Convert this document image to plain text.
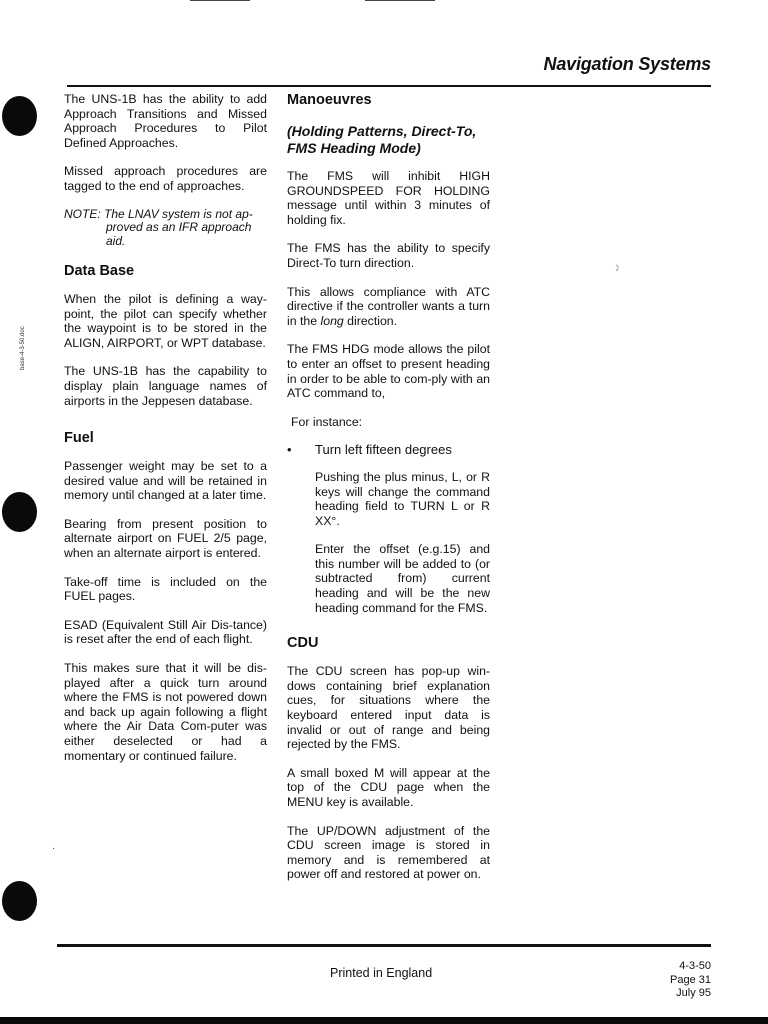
Navigation Systems
base-4-3-50.doc
·
♪

The UNS-1B has the ability to add Approach Transitions and Missed Approach Procedures to Pilot Defined Approaches.

Missed approach procedures are tagged to the end of approaches.

NOTE: The LNAV system is not ap-
proved as an IFR approach aid.
Data Base

When the pilot is defining a way-point, the pilot can specify whether the waypoint is to be stored in the ALIGN, AIRPORT, or WPT database.

The UNS-1B has the capability to display plain language names of airports in the Jeppesen database.

Fuel

Passenger weight may be set to a desired value and will be retained in memory until changed at a later time.

Bearing from present position to alternate airport on FUEL 2/5 page, when an alternate airport is entered.

Take-off time is included on the FUEL pages.

ESAD (Equivalent Still Air Dis-tance) is reset after the end of each flight.

This makes sure that it will be dis-played after a quick turn around where the FMS is not powered down and back up again following a flight where the Air Data Com-puter was either deselected or had a momentary or continued failure.

Manoeuvres
(Holding Patterns, Direct-To, FMS Heading Mode)

The FMS will inhibit HIGH GROUNDSPEED FOR HOLDING message until within 3 minutes of holding fix.

The FMS has the ability to specify Direct-To turn direction.

This allows compliance with ATC directive if the controller wants a turn in the long direction.

The FMS HDG mode allows the pilot to enter an offset to present heading in order to be able to com-ply with an ATC command to,

For instance:

•	Turn left fifteen degrees

Pushing the plus minus, L, or R keys will change the command heading field to TURN L or R XX°.

Enter the offset (e.g.15) and this number will be added to (or subtracted from) current heading and will be the new heading command for the FMS.

CDU

The CDU screen has pop-up win-dows containing brief explanation cues, for situations where the keyboard entered input data is invalid or out of range and being rejected by the FMS.

A small boxed M will appear at the top of the CDU page when the MENU key is available.

The UP/DOWN adjustment of the CDU screen image is stored in memory and is remembered at power off and restored at power on.

Printed in England	4-3-50
Page 31
July 95
